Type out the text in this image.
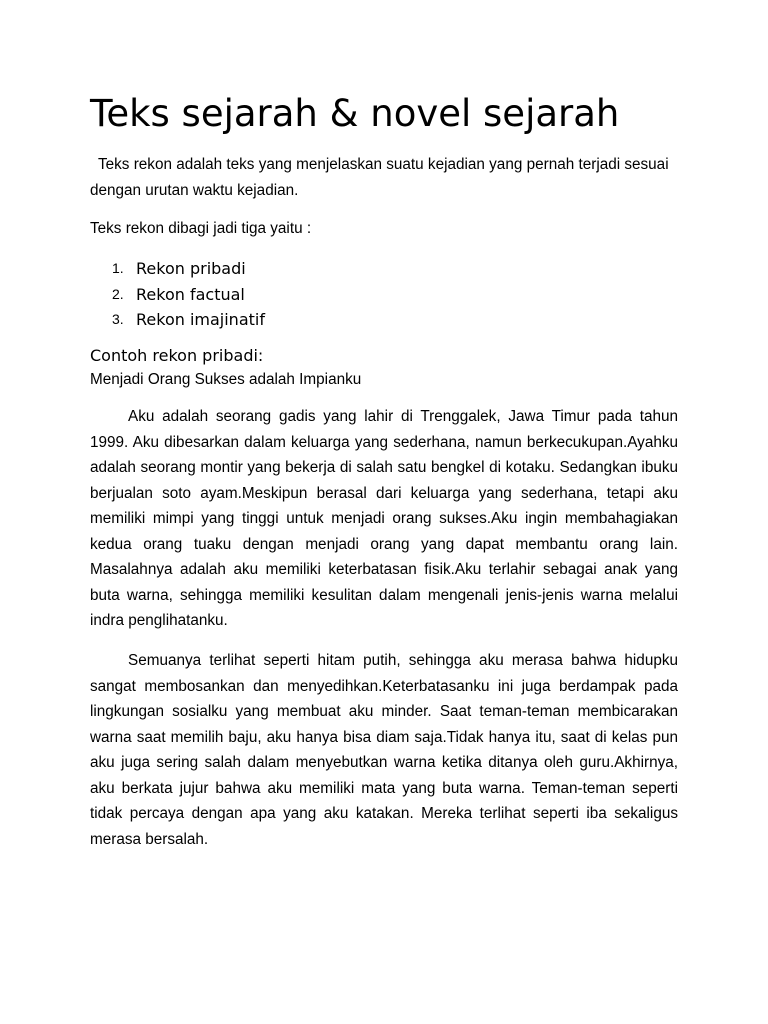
Teks sejarah & novel sejarah

Teks rekon adalah teks yang menjelaskan suatu kejadian yang pernah terjadi sesuai dengan urutan waktu kejadian.

Teks rekon dibagi jadi tiga yaitu :

1. Rekon pribadi
2. Rekon factual
3. Rekon imajinatif
Contoh rekon pribadi:

Menjadi Orang Sukses adalah Impianku

Aku adalah seorang gadis yang lahir di Trenggalek, Jawa Timur pada tahun 1999. Aku dibesarkan dalam keluarga yang sederhana, namun berkecukupan.Ayahku adalah seorang montir yang bekerja di salah satu bengkel di kotaku. Sedangkan ibuku berjualan soto ayam.Meskipun berasal dari keluarga yang sederhana, tetapi aku memiliki mimpi yang tinggi untuk menjadi orang sukses.Aku ingin membahagiakan kedua orang tuaku dengan menjadi orang yang dapat membantu orang lain. Masalahnya adalah aku memiliki keterbatasan fisik.Aku terlahir sebagai anak yang buta warna, sehingga memiliki kesulitan dalam mengenali jenis-jenis warna melalui indra penglihatanku.

Semuanya terlihat seperti hitam putih, sehingga aku merasa bahwa hidupku sangat membosankan dan menyedihkan.Keterbatasanku ini juga berdampak pada lingkungan sosialku yang membuat aku minder. Saat teman-teman membicarakan warna saat memilih baju, aku hanya bisa diam saja.Tidak hanya itu, saat di kelas pun aku juga sering salah dalam menyebutkan warna ketika ditanya oleh guru.Akhirnya, aku berkata jujur bahwa aku memiliki mata yang buta warna. Teman-teman seperti tidak percaya dengan apa yang aku katakan. Mereka terlihat seperti iba sekaligus merasa bersalah.
